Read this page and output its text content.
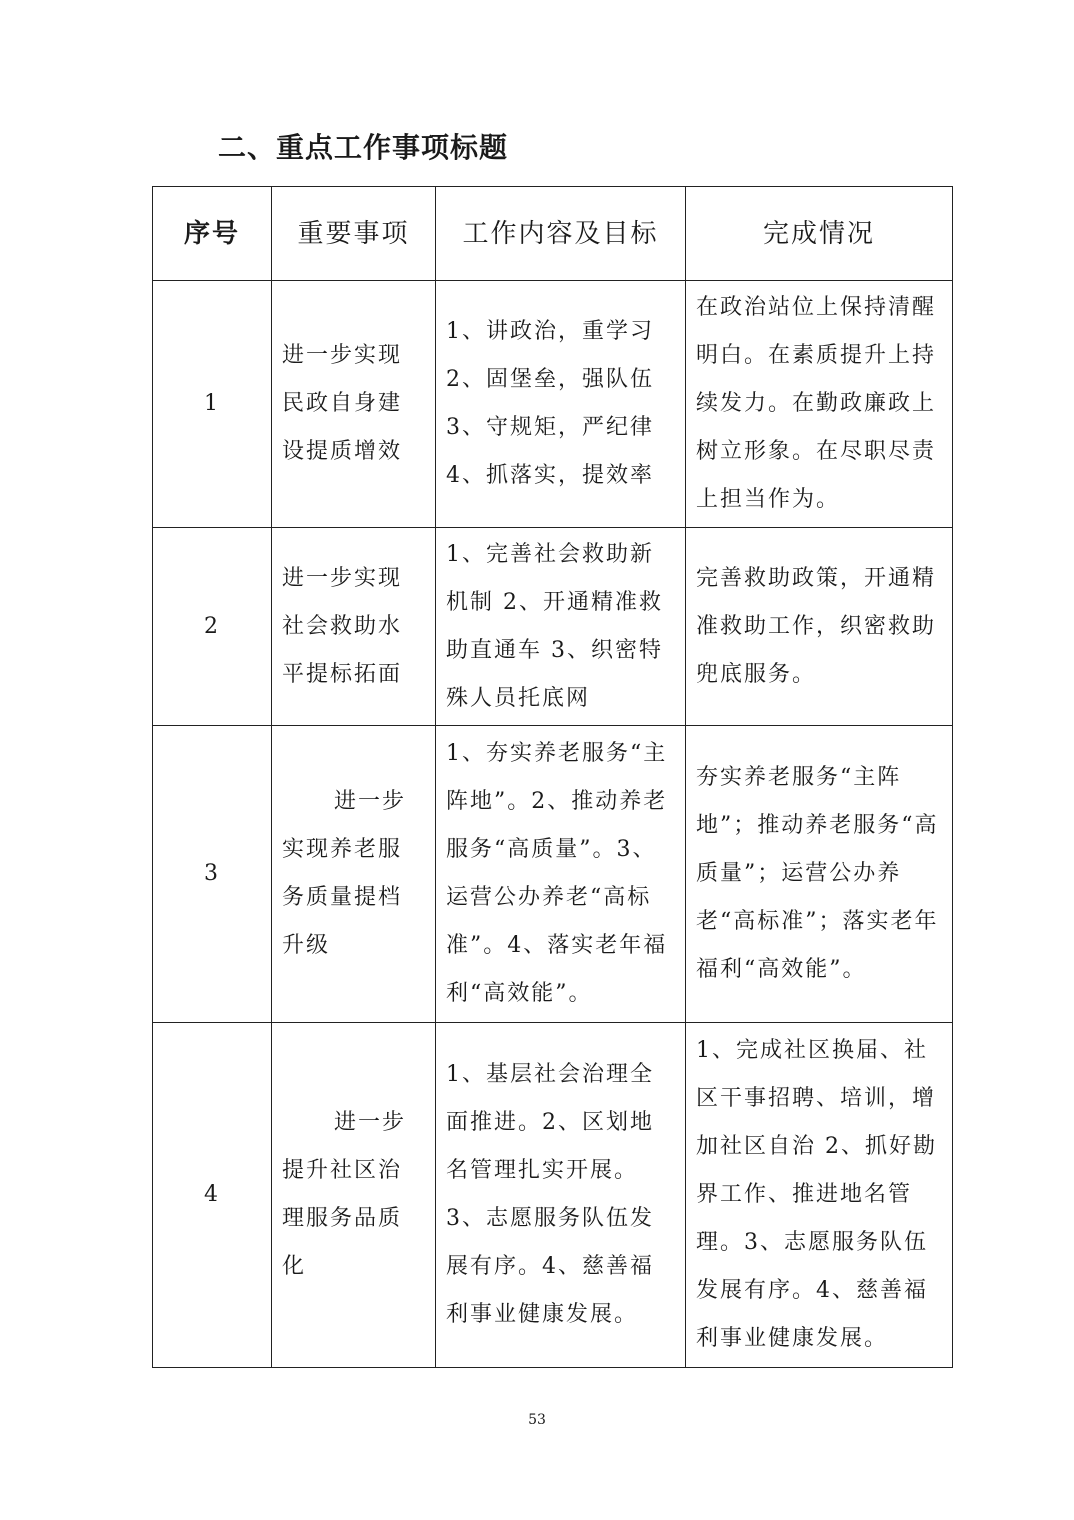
二、重点工作事项标题
序号	重要事项	工作内容及目标	完成情况
1	进一步实现民政自身建设提质增效	1、讲政治，重学习 2、固堡垒，强队伍 3、守规矩，严纪律 4、抓落实，提效率	在政治站位上保持清醒明白。在素质提升上持续发力。在勤政廉政上树立形象。在尽职尽责上担当作为。
2	进一步实现社会救助水平提标拓面	1、完善社会救助新机制 2、开通精准救助直通车 3、织密特殊人员托底网	完善救助政策，开通精准救助工作，织密救助兜底服务。
3	进一步实现养老服务质量提档升级	1、夯实养老服务“主阵地”。2、推动养老服务“高质量”。3、运营公办养老“高标准”。4、落实老年福利“高效能”。	夯实养老服务“主阵地”；推动养老服务“高质量”；运营公办养老“高标准”；落实老年福利“高效能”。
4	进一步提升社区治理服务品质化	1、基层社会治理全面推进。2、区划地名管理扎实开展。3、志愿服务队伍发展有序。4、慈善福利事业健康发展。	1、完成社区换届、社区干事招聘、培训，增加社区自治 2、抓好勘界工作、推进地名管理。3、志愿服务队伍发展有序。4、慈善福利事业健康发展。

53
